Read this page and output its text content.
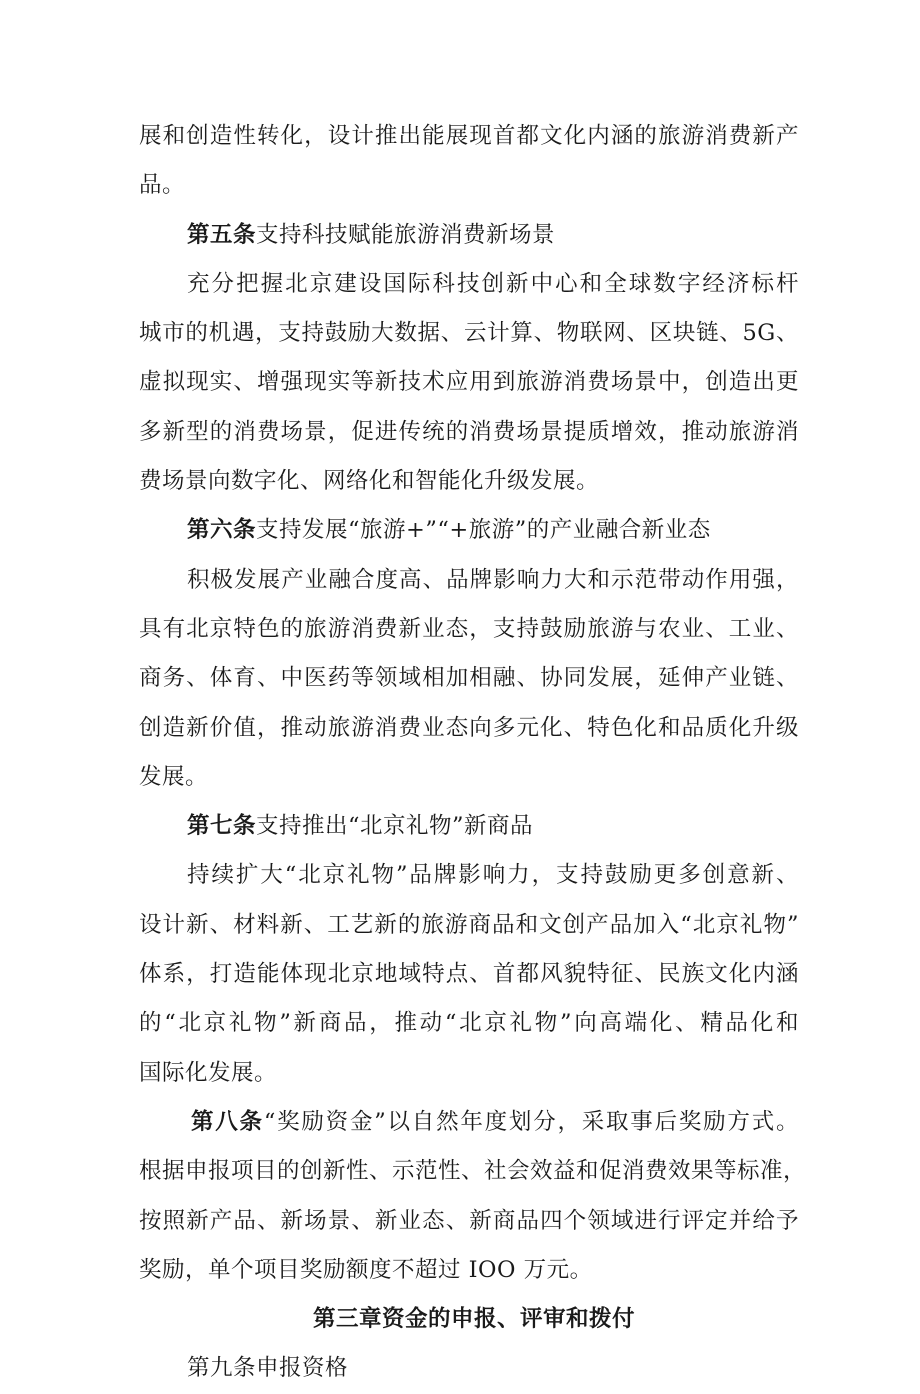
展和创造性转化，设计推出能展现首都文化内涵的旅游消费新产
品。
第五条支持科技赋能旅游消费新场景
充分把握北京建设国际科技创新中心和全球数字经济标杆
城市的机遇，支持鼓励大数据、云计算、物联网、区块链、5G、
虚拟现实、增强现实等新技术应用到旅游消费场景中，创造出更
多新型的消费场景，促进传统的消费场景提质增效，推动旅游消
费场景向数字化、网络化和智能化升级发展。
第六条支持发展“旅游+”“+旅游”的产业融合新业态
积极发展产业融合度高、品牌影响力大和示范带动作用强，
具有北京特色的旅游消费新业态，支持鼓励旅游与农业、工业、
商务、体育、中医药等领域相加相融、协同发展，延伸产业链、
创造新价值，推动旅游消费业态向多元化、特色化和品质化升级
发展。
第七条支持推出“北京礼物”新商品
持续扩大“北京礼物”品牌影响力，支持鼓励更多创意新、
设计新、材料新、工艺新的旅游商品和文创产品加入“北京礼物”
体系，打造能体现北京地域特点、首都风貌特征、民族文化内涵
的“北京礼物”新商品，推动“北京礼物”向高端化、精品化和
国际化发展。
第八条“奖励资金”以自然年度划分，采取事后奖励方式。
根据申报项目的创新性、示范性、社会效益和促消费效果等标准，
按照新产品、新场景、新业态、新商品四个领域进行评定并给予
奖励，单个项目奖励额度不超过 IOO 万元。
第三章资金的申报、评审和拨付
第九条申报资格
